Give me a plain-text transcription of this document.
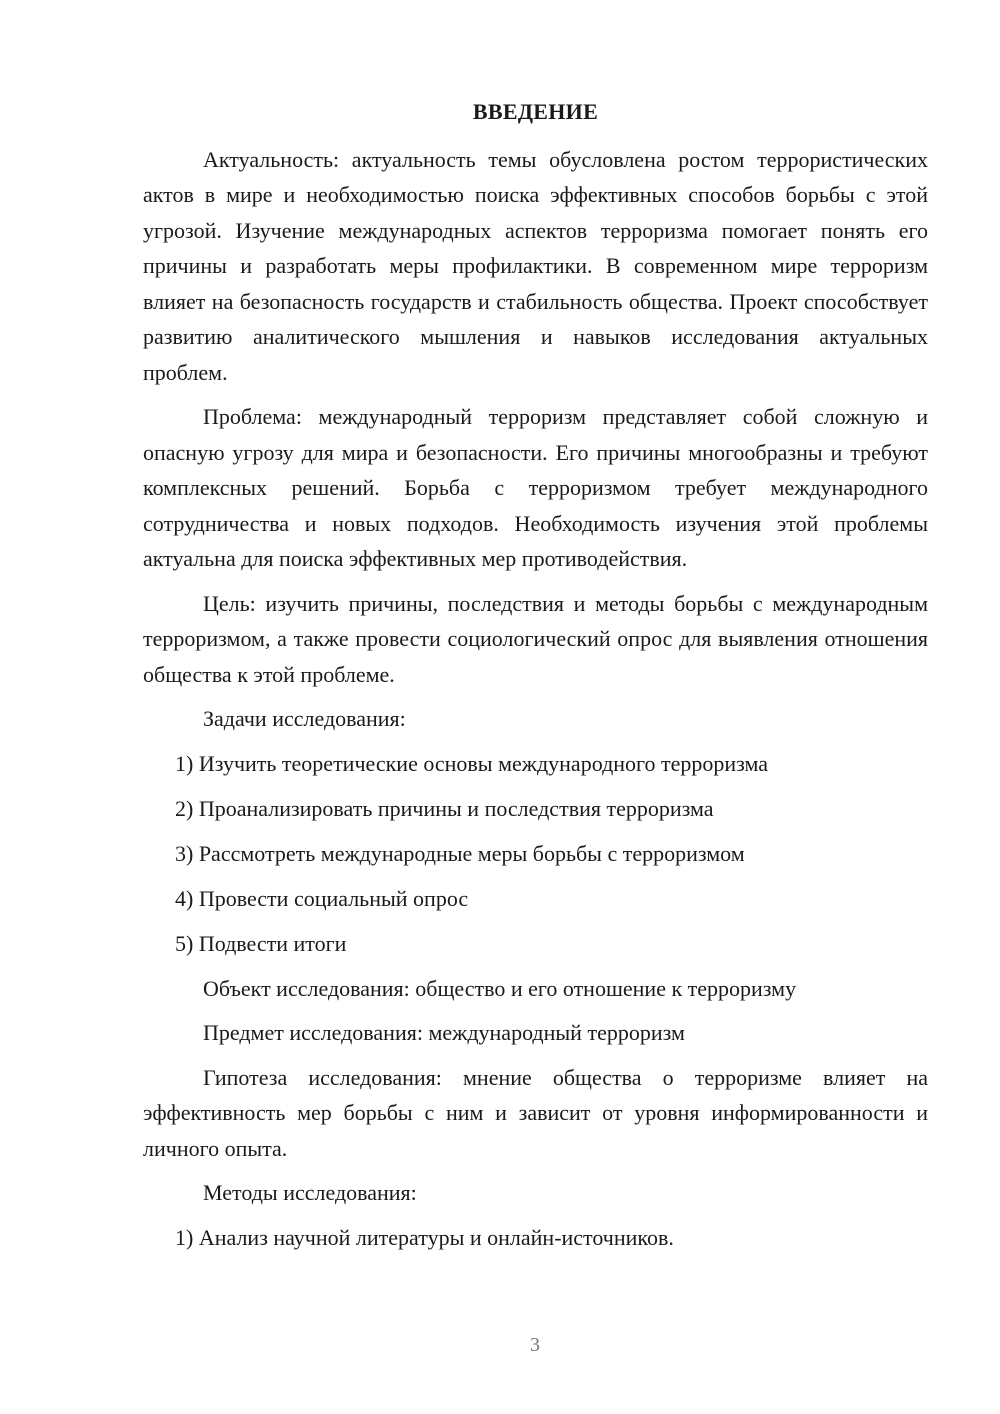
ВВЕДЕНИЕ
Актуальность: актуальность темы обусловлена ростом террористических актов в мире и необходимостью поиска эффективных способов борьбы с этой угрозой. Изучение международных аспектов терроризма помогает понять его причины и разработать меры профилактики. В современном мире терроризм влияет на безопасность государств и стабильность общества. Проект способствует развитию аналитического мышления и навыков исследования актуальных проблем.
Проблема: международный терроризм представляет собой сложную и опасную угрозу для мира и безопасности. Его причины многообразны и требуют комплексных решений. Борьба с терроризмом требует международного сотрудничества и новых подходов. Необходимость изучения этой проблемы актуальна для поиска эффективных мер противодействия.
Цель: изучить причины, последствия и методы борьбы с международным терроризмом, а также провести социологический опрос для выявления отношения общества к этой проблеме.
Задачи исследования:
1) Изучить теоретические основы международного терроризма
2) Проанализировать причины и последствия терроризма
3) Рассмотреть международные меры борьбы с терроризмом
4) Провести социальный опрос
5) Подвести итоги
Объект исследования: общество и его отношение к терроризму
Предмет исследования: международный терроризм
Гипотеза исследования: мнение общества о терроризме влияет на эффективность мер борьбы с ним и зависит от уровня информированности и личного опыта.
Методы исследования:
1) Анализ научной литературы и онлайн-источников.
3
